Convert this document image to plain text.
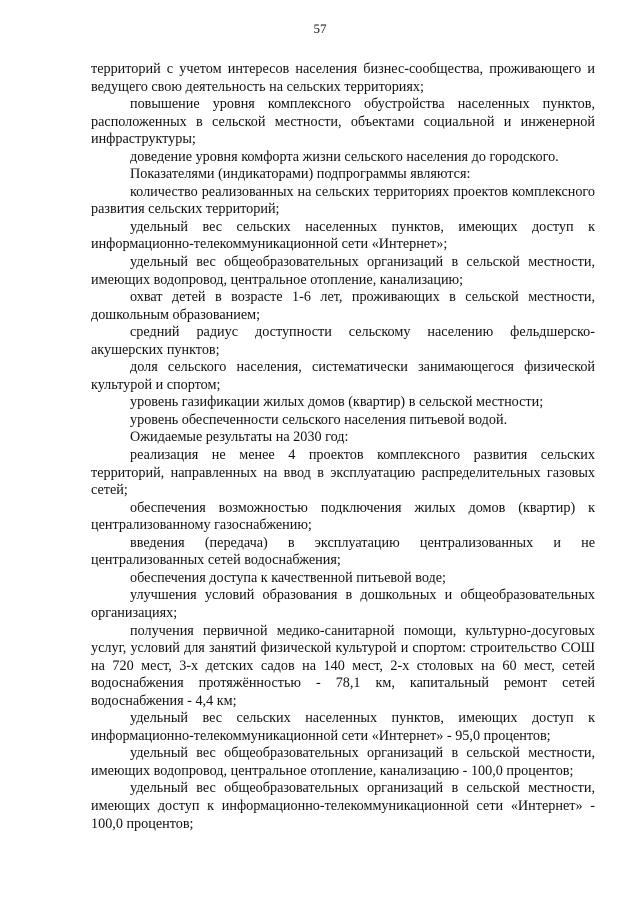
57

территорий с учетом интересов населения бизнес-сообщества, проживающего и ведущего свою деятельность на сельских территориях;

повышение уровня комплексного обустройства населенных пунктов, расположенных в сельской местности, объектами социальной и инженерной инфраструктуры;

доведение уровня комфорта жизни сельского населения до городского.

Показателями (индикаторами) подпрограммы являются:

количество реализованных на сельских территориях проектов комплексного развития сельских территорий;

удельный вес сельских населенных пунктов, имеющих доступ к информационно-телекоммуникационной сети «Интернет»;

удельный вес общеобразовательных организаций в сельской местности, имеющих водопровод, центральное отопление, канализацию;

охват детей в возрасте 1-6 лет, проживающих в сельской местности, дошкольным образованием;

средний радиус доступности сельскому населению фельдшерско-акушерских пунктов;

доля сельского населения, систематически занимающегося физической культурой и спортом;

уровень газификации жилых домов (квартир) в сельской местности;

уровень обеспеченности сельского населения питьевой водой.

Ожидаемые результаты на 2030 год:

реализация не менее 4 проектов комплексного развития сельских территорий, направленных на ввод в эксплуатацию распределительных газовых сетей;

обеспечения возможностью подключения жилых домов (квартир) к централизованному газоснабжению;

введения (передача) в эксплуатацию централизованных и не централизованных сетей водоснабжения;

обеспечения доступа к качественной питьевой воде;

улучшения условий образования в дошкольных и общеобразовательных организациях;

получения первичной медико-санитарной помощи, культурно-досуговых услуг, условий для занятий физической культурой и спортом: строительство СОШ на 720 мест, 3-х детских садов на 140 мест, 2-х столовых на 60 мест, сетей водоснабжения протяжённостью - 78,1 км, капитальный ремонт сетей водоснабжения - 4,4 км;

удельный вес сельских населенных пунктов, имеющих доступ к информационно-телекоммуникационной сети «Интернет» - 95,0 процентов;

удельный вес общеобразовательных организаций в сельской местности, имеющих водопровод, центральное отопление, канализацию - 100,0 процентов;

удельный вес общеобразовательных организаций в сельской местности, имеющих доступ к информационно-телекоммуникационной сети «Интернет» - 100,0 процентов;
